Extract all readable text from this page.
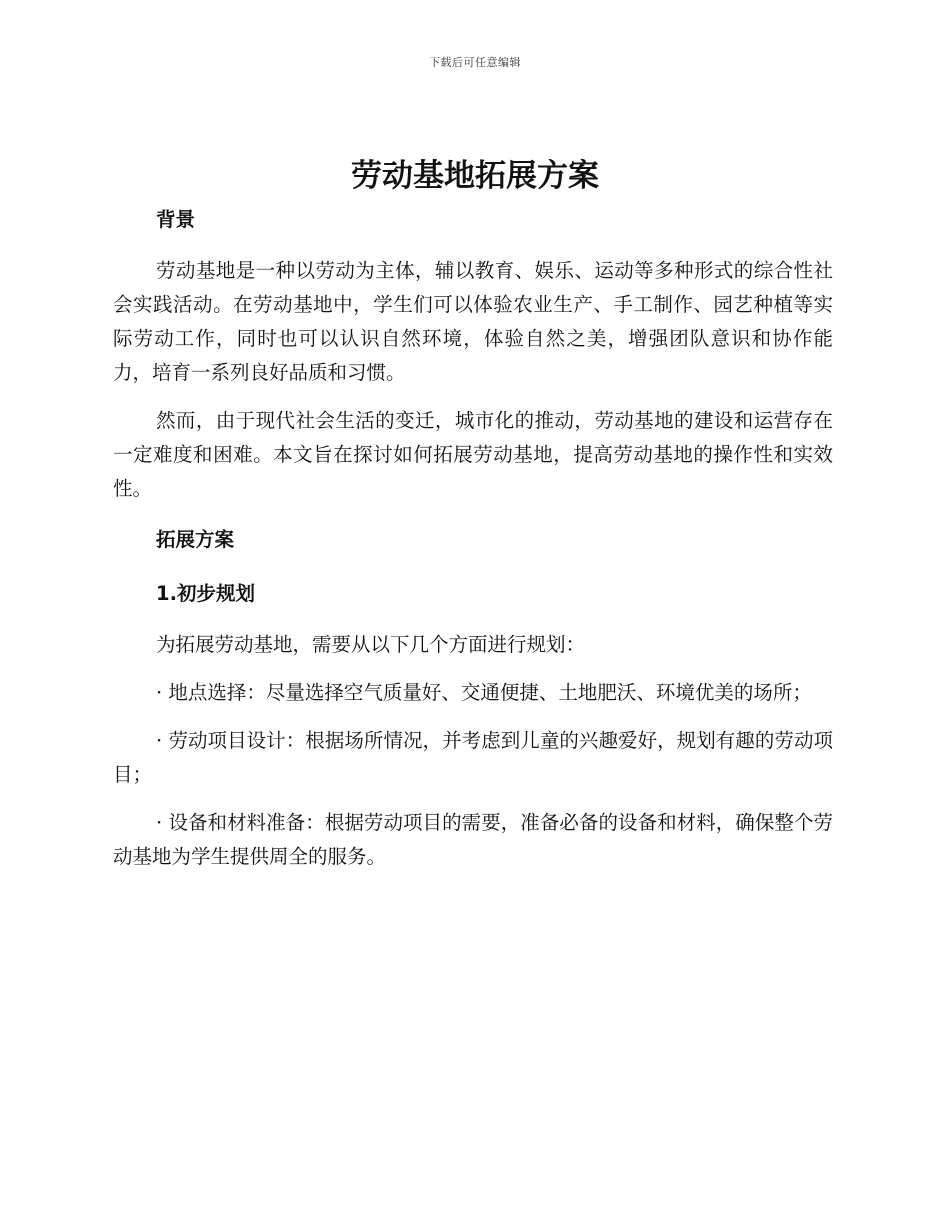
下载后可任意编辑
劳动基地拓展方案

背景

劳动基地是一种以劳动为主体，辅以教育、娱乐、运动等多种形式的综合性社会实践活动。在劳动基地中，学生们可以体验农业生产、手工制作、园艺种植等实际劳动工作，同时也可以认识自然环境，体验自然之美，增强团队意识和协作能力，培育一系列良好品质和习惯。

然而，由于现代社会生活的变迁，城市化的推动，劳动基地的建设和运营存在一定难度和困难。本文旨在探讨如何拓展劳动基地，提高劳动基地的操作性和实效性。

拓展方案

1.初步规划

为拓展劳动基地，需要从以下几个方面进行规划：

· 地点选择：尽量选择空气质量好、交通便捷、土地肥沃、环境优美的场所；

· 劳动项目设计：根据场所情况，并考虑到儿童的兴趣爱好，规划有趣的劳动项目；

· 设备和材料准备：根据劳动项目的需要，准备必备的设备和材料，确保整个劳动基地为学生提供周全的服务。
